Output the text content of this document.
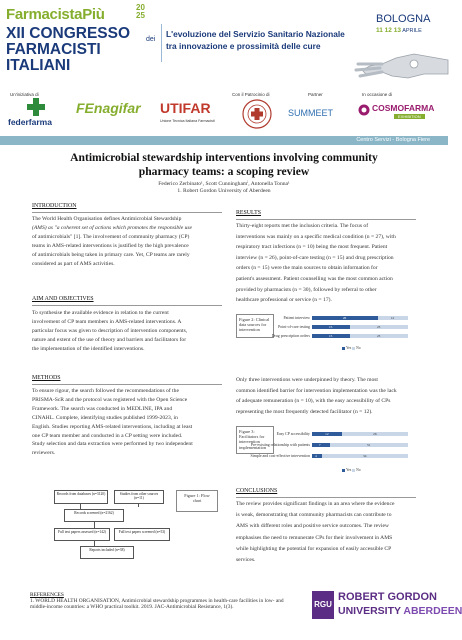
FarmacistaPiù	20
25
XII CONGRESSO
FARMACISTI
ITALIANI
dei
L'evoluzione del Servizio Sanitario Nazionale
tra innovazione e prossimità delle cure
BOLOGNA
11 12 13 APRILE
Un'iniziativa di
federfarma
FEnagifar UTIFAR
Unione Tecnica Italiana Farmacisti
Con il Patrocinio di	Partner
SUMMEET
In occasione di
COSMOFARMA
EXHIBITION
Centro Servizi - Bologna Fiere
Antimicrobial stewardship interventions involving community
pharmacy teams: a scoping review
Federico Zerbinato¹, Scott Cunninghamⁱ, Antonella Tonna¹
1. Robert Gordon University of Aberdeen
INTRODUCTION
The World Health Organisation defines Antimicrobial Stewardship
(AMS) as "a coherent set of actions which promotes the responsible use
of antimicrobials" [1]. The involvement of community pharmacy (CP)
teams in AMS-related interventions is justified by the high prevalence
of antimicrobials being taken in primary care. Yet, CP teams are rarely
considered as part of AMS activities.
AIM AND OBJECTIVES
To synthesise the available evidence in relation to the current
involvement of CP team members in AMS-related interventions. A
particular focus was given to description of intervention components,
nature and extent of the use of theory and barriers and facilitators for
the implementation of the identified interventions.
METHODS
To ensure rigour, the search followed the recommendations of the
PRISMA-ScR and the protocol was registered with the Open Science
Framework. The search was conducted in MEDLINE, IPA and
CINAHL. Complete, identifying studies published 1999-2023, in
English. Studies reporting AMS-related interventions, including at least
one CP team member and conducted in a CP setting were included.
Study selection and data extraction were performed by two independent
reviewers.
Records from databases (n=3120)	Studies from other sources (n=11)
Records screened (n=2162)
Full text papers assessed (n=142)	Full text papers screened (n=53)
Reports included (n=38)
Figure 1: Flow
chart
RESULTS
Thirty-eight reports met the inclusion criteria. The focus of
interventions was mainly on a specific medical condition (n = 27), with
respiratory tract infections (n = 10) being the most frequent. Patient
interview (n = 26), point-of-care testing (n = 15) and drug prescription
orders (n = 15) were the main sources to obtain information for
patient's assessment. Patient counselling was the most common action
provided by pharmacists (n = 30), followed by referral to other
healthcare professional or service (n = 17).
Figure 2: Clinical
data sources for
intervention
Patient interview	26	12
Point-of-care testing	15	23
Drug prescription orders	15	23
Yes No
Only three interventions were underpinned by theory. The most
common identified barrier for intervention implementation was the lack
of adequate remuneration (n = 10), with the easy accessibility of CPs
representing the most frequently detected facilitator (n = 12).
Figure 3:
Facilitators for
intervention
implementation
Easy CP accessibility	12	26
Pre-existing relationship with patients	7	31
Simple and cost-effective intervention 4	34
Yes No
CONCLUSIONS
The review provides significant findings in an area where the evidence
is weak, demonstrating that community pharmacists can contribute to
AMS with different roles and positive service outcomes. The review
emphasises the need to remunerate CPs for their involvement in AMS
while highlighting the potential for expansion of easily accessible CP
services.
REFERENCES
1. WORLD HEALTH ORGANISATION, Antimicrobial stewardship programmes in health-care facilities in low- and
middle-income countries: a WHO practical toolkit. 2019. JAC-Antimicrobial Resistance, 1(3).	RGU
ROBERT GORDON
UNIVERSITY ABERDEEN
